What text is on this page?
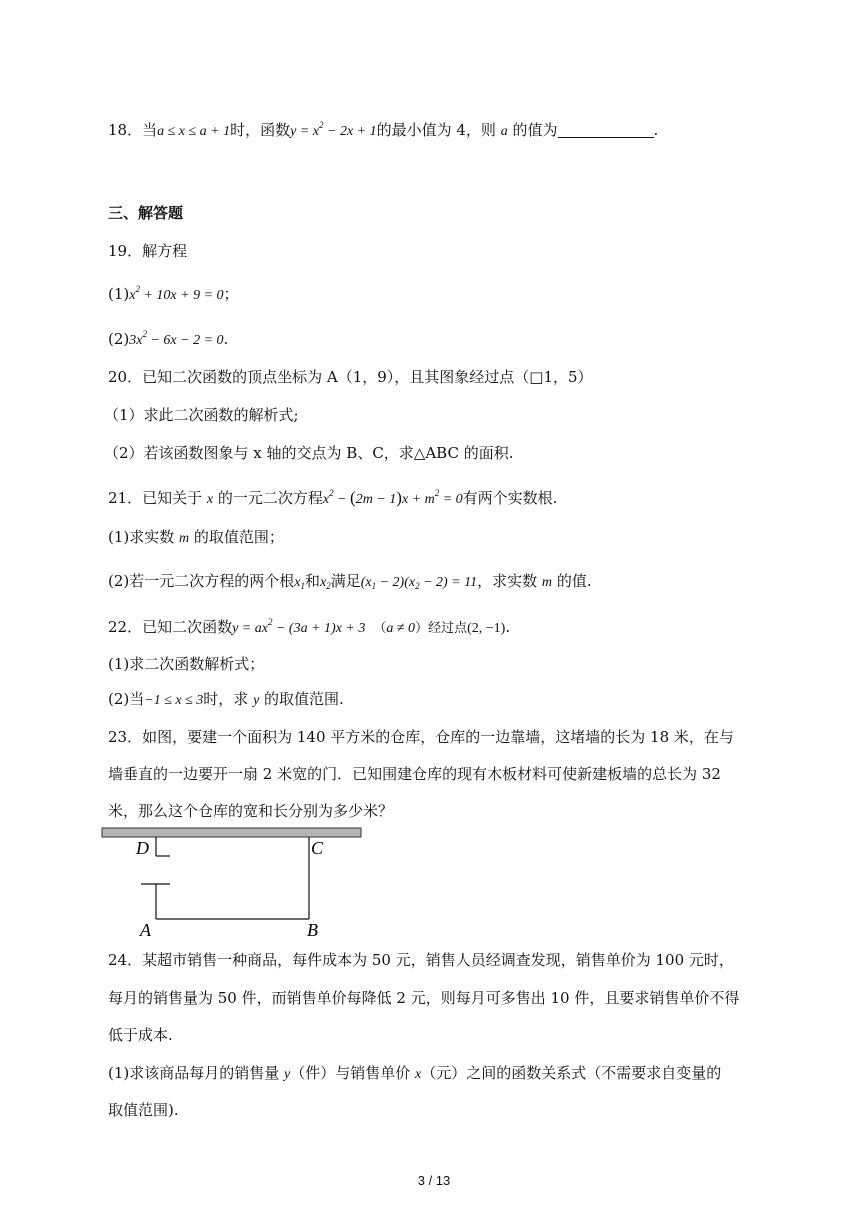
18．当a ≤ x ≤ a + 1时，函数$y = x^2 - 2x + 1$的最小值为 4，则 a 的值为	.
三、解答题
19．解方程
$(1)x^2 + 10x + 9 = 0$；
$(2)3x^2 - 6x - 2 = 0$.
20．已知二次函数的顶点坐标为 A（1，9），且其图象经过点（□1，5）
（1）求此二次函数的解析式;
（2）若该函数图象与 x 轴的交点为 B、C，求△ABC 的面积.
21．已知关于 x 的一元二次方程$x^2 - (2m - 1)x + m^2 = 0$有两个实数根.
(1)求实数 m 的取值范围；
(2)若一元二次方程的两个根$x_1$和$x_2$满足$(x_1 - 2)(x_2 - 2) = 11$，求实数 m 的值.
22．已知二次函数$y = ax^2 - (3a + 1)x + 3$ （a ≠ 0）经过点(2, −1).
(1)求二次函数解析式；
(2)当−1 ≤ x ≤ 3时，求 y 的取值范围.
23．如图，要建一个面积为 140 平方米的仓库，仓库的一边靠墙，这堵墙的长为 18 米，在与
墙垂直的一边要开一扇 2 米宽的门．已知围建仓库的现有木板材料可使新建板墙的总长为 32
米，那么这个仓库的宽和长分别为多少米？
D	C
A	B
24．某超市销售一种商品，每件成本为 50 元，销售人员经调查发现，销售单价为 100 元时，
每月的销售量为 50 件，而销售单价每降低 2 元，则每月可多售出 10 件，且要求销售单价不得
低于成本.
(1)求该商品每月的销售量 y（件）与销售单价 x（元）之间的函数关系式（不需要求自变量的
取值范围).
3 / 13
